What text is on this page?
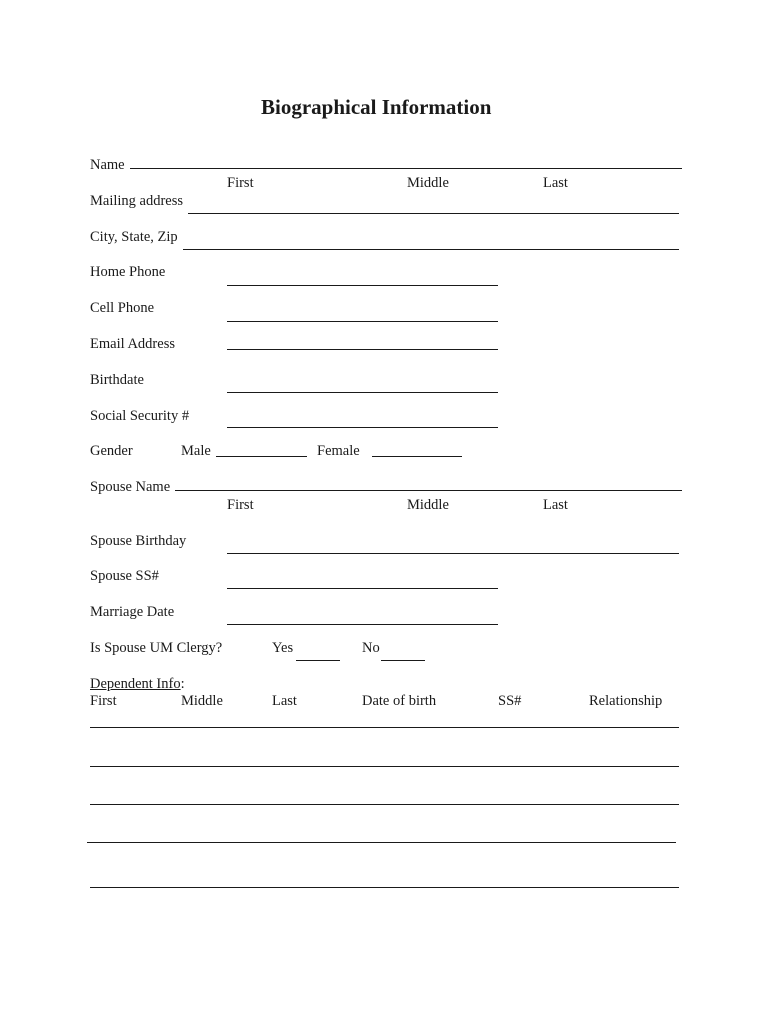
Biographical Information
Name
First	Middle	Last
Mailing address
City, State, Zip
Home Phone
Cell Phone
Email Address
Birthdate
Social Security #
Gender	Male	Female
Spouse Name
First	Middle	Last
Spouse Birthday
Spouse SS#
Marriage Date
Is Spouse UM Clergy?	Yes	No
Dependent Info:
First	Middle	Last	Date of birth	SS#	Relationship
